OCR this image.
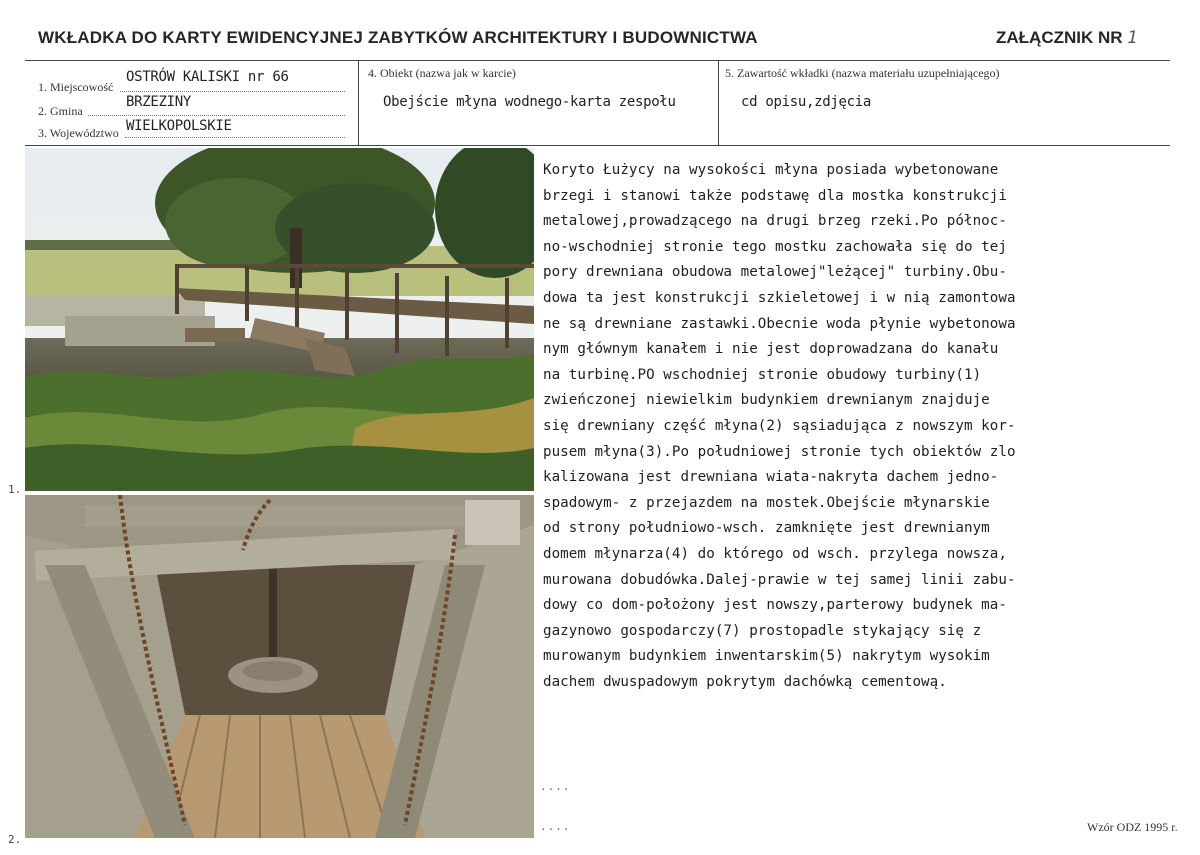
WKŁADKA DO KARTY EWIDENCYJNEJ ZABYTKÓW ARCHITEKTURY I BUDOWNICTWA	ZAŁĄCZNIK NR 1
1. Miejscowość
OSTRÓW KALISKI nr 66
2. Gmina
BRZEZINY
3. Województwo WIELKOPOLSKIE
4. Obiekt (nazwa jak w karcie)
Obejście młyna wodnego-karta zespołu
5. Zawartość wkładki (nazwa materiału uzupełniającego)
cd opisu,zdjęcia
1.
2.
Koryto Łużycy na wysokości młyna posiada wybetonowane
brzegi i stanowi także podstawę dla mostka konstrukcji
metalowej,prowadzącego na drugi brzeg rzeki.Po północ-
no-wschodniej stronie tego mostku zachowała się do tej
pory drewniana obudowa metalowej"leżącej" turbiny.Obu-
dowa ta jest konstrukcji szkieletowej i w nią zamontowa
ne są drewniane zastawki.Obecnie woda płynie wybetonowa
nym głównym kanałem i nie jest doprowadzana do kanału
na turbinę.PO wschodniej stronie obudowy turbiny(1)
zwieńczonej niewielkim budynkiem drewnianym znajduje
się drewniany część młyna(2) sąsiadująca z nowszym kor-
pusem młyna(3).Po południowej stronie tych obiektów zlo
kalizowana jest drewniana wiata-nakryta dachem jedno-
spadowym- z przejazdem na mostek.Obejście młynarskie
od strony południowo-wsch. zamknięte jest drewnianym
domem młynarza(4) do którego od wsch. przylega nowsza,
murowana dobudówka.Dalej-prawie w tej samej linii zabu-
dowy co dom-położony jest nowszy,parterowy budynek ma-
gazynowo gospodarczy(7) prostopadle stykający się z
murowanym budynkiem inwentarskim(5) nakrytym wysokim
dachem dwuspadowym pokrytym dachówką cementową.
....
....	Wzór ODZ 1995 r.
